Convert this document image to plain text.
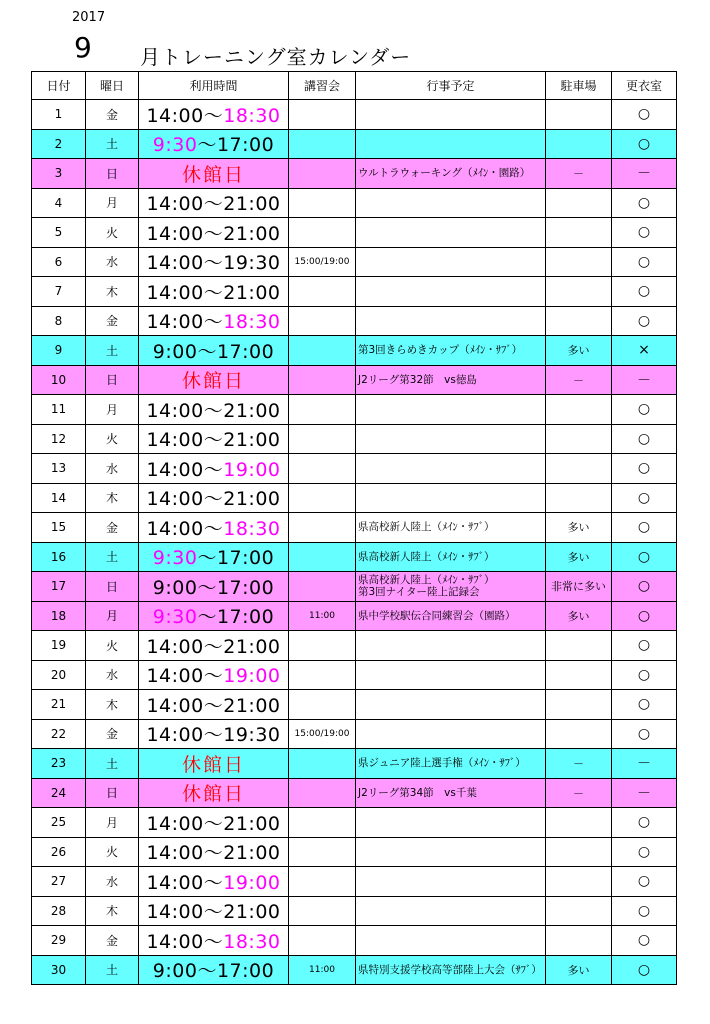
2017
9 月トレーニング室カレンダー
日付	曜日	利用時間	講習会	行事予定	駐車場	更衣室
1	金	14:00～18:30				○
2	土	9:30～17:00				○
3	日	休館日		ウルトラウォーキング（ﾒｲﾝ・園路）	－	－
4	月	14:00～21:00				○
5	火	14:00～21:00				○
6	水	14:00～19:30	15:00/19:00			○
7	木	14:00～21:00				○
8	金	14:00～18:30				○
9	土	9:00～17:00		第3回きらめきカップ（ﾒｲﾝ・ｻﾌﾞ）	多い	×
10	日	休館日		J2リーグ第32節　vs徳島	－	－
11	月	14:00～21:00				○
12	火	14:00～21:00				○
13	水	14:00～19:00				○
14	木	14:00～21:00				○
15	金	14:00～18:30		県高校新人陸上（ﾒｲﾝ・ｻﾌﾞ）	多い	○
16	土	9:30～17:00		県高校新人陸上（ﾒｲﾝ・ｻﾌﾞ）	多い	○
17	日	9:00～17:00		県高校新人陸上（ﾒｲﾝ・ｻﾌﾞ）
第3回ナイター陸上記録会	非常に多い	○
18	月	9:30～17:00	11:00	県中学校駅伝合同練習会（園路）	多い	○
19	火	14:00～21:00				○
20	水	14:00～19:00				○
21	木	14:00～21:00				○
22	金	14:00～19:30	15:00/19:00			○
23	土	休館日		県ジュニア陸上選手権（ﾒｲﾝ・ｻﾌﾞ）	－	－
24	日	休館日		J2リーグ第34節　vs千葉	－	－
25	月	14:00～21:00				○
26	火	14:00～21:00				○
27	水	14:00～19:00				○
28	木	14:00～21:00				○
29	金	14:00～18:30				○
30	土	9:00～17:00	11:00	県特別支援学校高等部陸上大会（ｻﾌﾞ）	多い	○
